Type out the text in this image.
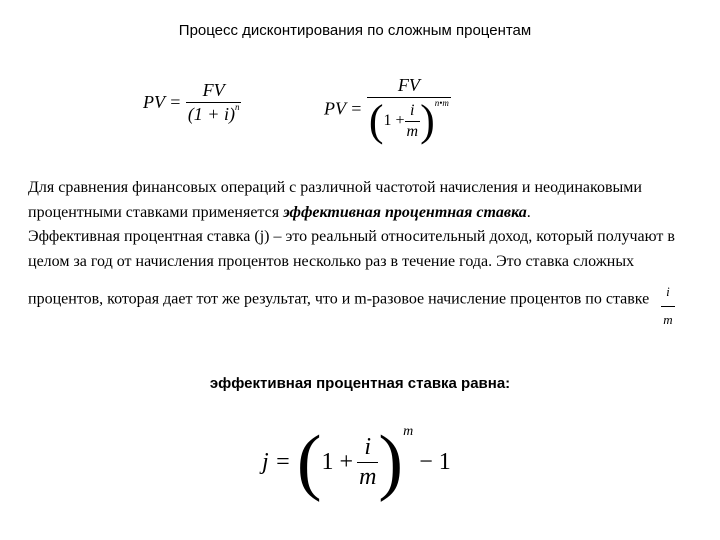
Процесс дисконтирования по сложным процентам
PV = $\frac{FV}{(1 + i)^n}$	PV =
FV
( $1 + \frac{i}{m}$ ) n•m

Для сравнения финансовых операций с различной частотой начисления и неодинаковыми процентными ставками применяется эффективная процентная ставка.

Эффективная процентная ставка (j) – это реальный относительный доход, который получают в целом за год от начисления процентов несколько раз в течение года. Это ставка сложных процентов, которая дает тот же результат, что и m-разовое начисление процентов по ставке $\frac{i}{m}$

эффективная процентная ставка равна:
j = ( $1 + \frac{i}{m}$ ) m
− 1
